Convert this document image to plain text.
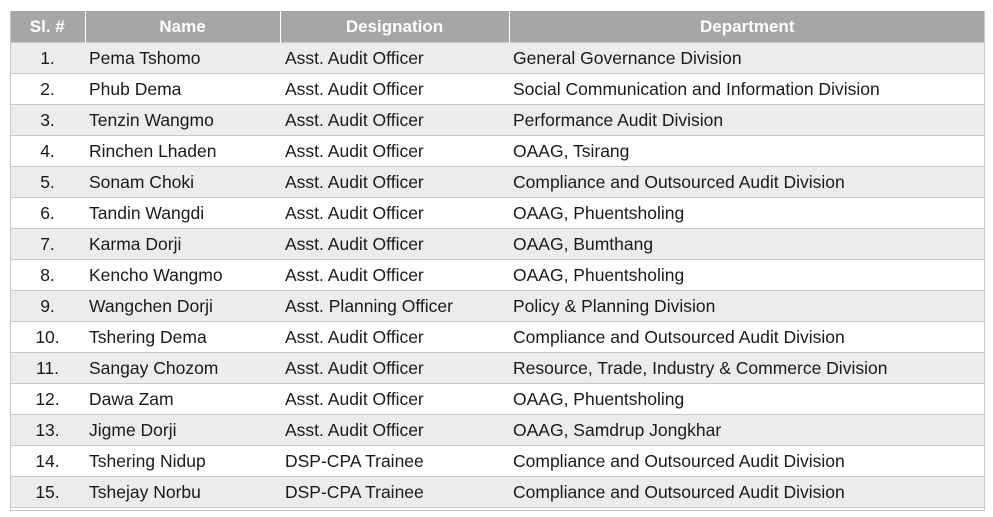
Sl. #	Name	Designation	Department
1.	Pema Tshomo	Asst. Audit Officer	General Governance Division
2.	Phub Dema	Asst. Audit Officer	Social Communication and Information Division
3.	Tenzin Wangmo	Asst. Audit Officer	Performance Audit Division
4.	Rinchen Lhaden	Asst. Audit Officer	OAAG, Tsirang
5.	Sonam Choki	Asst. Audit Officer	Compliance and Outsourced Audit Division
6.	Tandin Wangdi	Asst. Audit Officer	OAAG, Phuentsholing
7.	Karma Dorji	Asst. Audit Officer	OAAG, Bumthang
8.	Kencho Wangmo	Asst. Audit Officer	OAAG, Phuentsholing
9.	Wangchen Dorji	Asst. Planning Officer	Policy & Planning Division
10.	Tshering Dema	Asst. Audit Officer	Compliance and Outsourced Audit Division
11.	Sangay Chozom	Asst. Audit Officer	Resource, Trade, Industry & Commerce Division
12.	Dawa Zam	Asst. Audit Officer	OAAG, Phuentsholing
13.	Jigme Dorji	Asst. Audit Officer	OAAG, Samdrup Jongkhar
14.	Tshering Nidup	DSP-CPA Trainee	Compliance and Outsourced Audit Division
15.	Tshejay Norbu	DSP-CPA Trainee	Compliance and Outsourced Audit Division
